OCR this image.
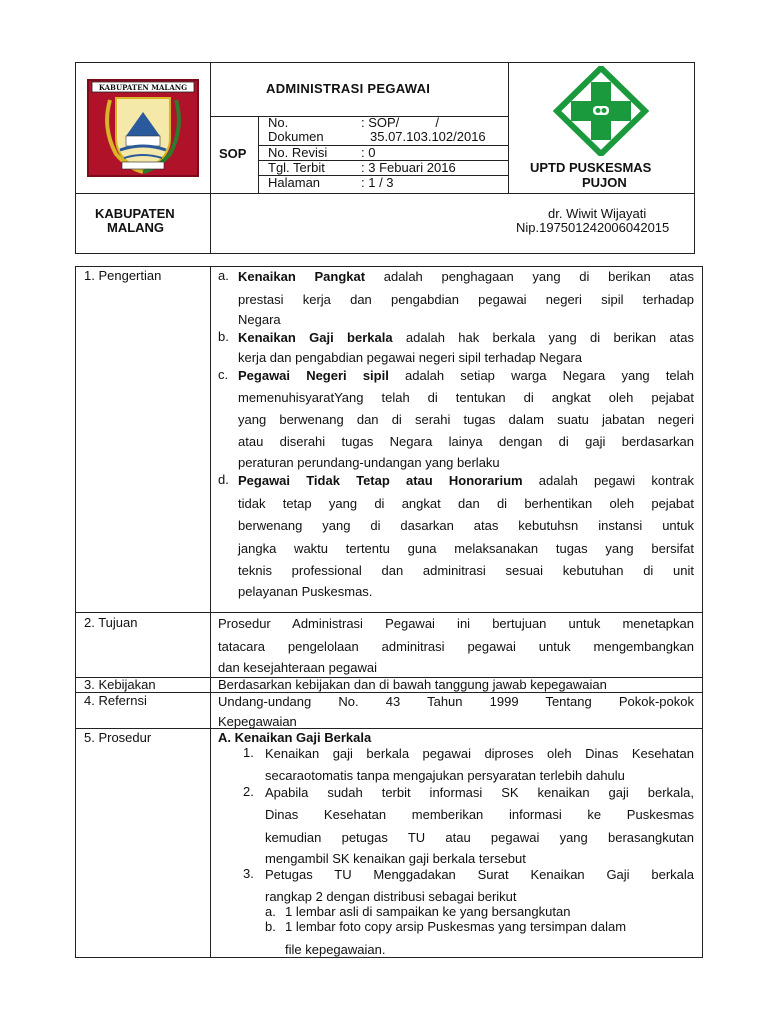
KABUPATEN MALANG	ADMINISTRASI PEGAWAI
SOP
No.	: SOP/          /
Dokumen	35.07.103.102/2016
No. Revisi	: 0
Tgl. Terbit	: 3 Febuari 2016
Halaman	: 1 / 3
UPTD PUSKESMAS
PUJON
KABUPATEN
MALANG
dr. Wiwit Wijayati
Nip.197501242006042015
1. Pengertian	a. Kenaikan Pangkat adalah penghagaan yang di berikan atas
prestasi kerja dan pengabdian pegawai negeri sipil terhadap
Negara
b. Kenaikan Gaji berkala adalah hak berkala yang di berikan atas
kerja dan pengabdian pegawai negeri sipil terhadap Negara
c. Pegawai Negeri sipil adalah setiap warga Negara yang telah
memenuhisyaratYang telah di tentukan di angkat oleh pejabat
yang berwenang dan di serahi tugas dalam suatu jabatan negeri
atau diserahi tugas Negara lainya dengan di gaji berdasarkan
peraturan perundang-undangan yang berlaku
d. Pegawai Tidak Tetap atau Honorarium adalah pegawi kontrak
tidak tetap yang di angkat dan di berhentikan oleh pejabat
berwenang yang di dasarkan atas kebutuhsn instansi untuk
jangka waktu tertentu guna melaksanakan tugas yang bersifat
teknis professional dan adminitrasi sesuai kebutuhan di unit
pelayanan Puskesmas.
2. Tujuan	Prosedur Administrasi Pegawai ini bertujuan untuk menetapkan
tatacara pengelolaan adminitrasi pegawai untuk mengembangkan
dan kesejahteraan pegawai
3. Kebijakan	Berdasarkan kebijakan dan di bawah tanggung jawab kepegawaian
4. Refernsi	Undang-undang No. 43 Tahun 1999 Tentang Pokok-pokok
Kepegawaian
5. Prosedur	A. Kenaikan Gaji Berkala
1. Kenaikan gaji berkala pegawai diproses oleh Dinas Kesehatan
secaraotomatis tanpa mengajukan persyaratan terlebih dahulu
2. Apabila sudah terbit informasi SK kenaikan gaji berkala,
Dinas Kesehatan memberikan informasi ke Puskesmas
kemudian petugas TU atau pegawai yang berasangkutan
mengambil SK kenaikan gaji berkala tersebut
3. Petugas TU Menggadakan Surat Kenaikan Gaji berkala
rangkap 2 dengan distribusi sebagai berikut
a. 1 lembar asli di sampaikan ke yang bersangkutan
b. 1 lembar foto copy arsip Puskesmas yang tersimpan dalam
file kepegawaian.
